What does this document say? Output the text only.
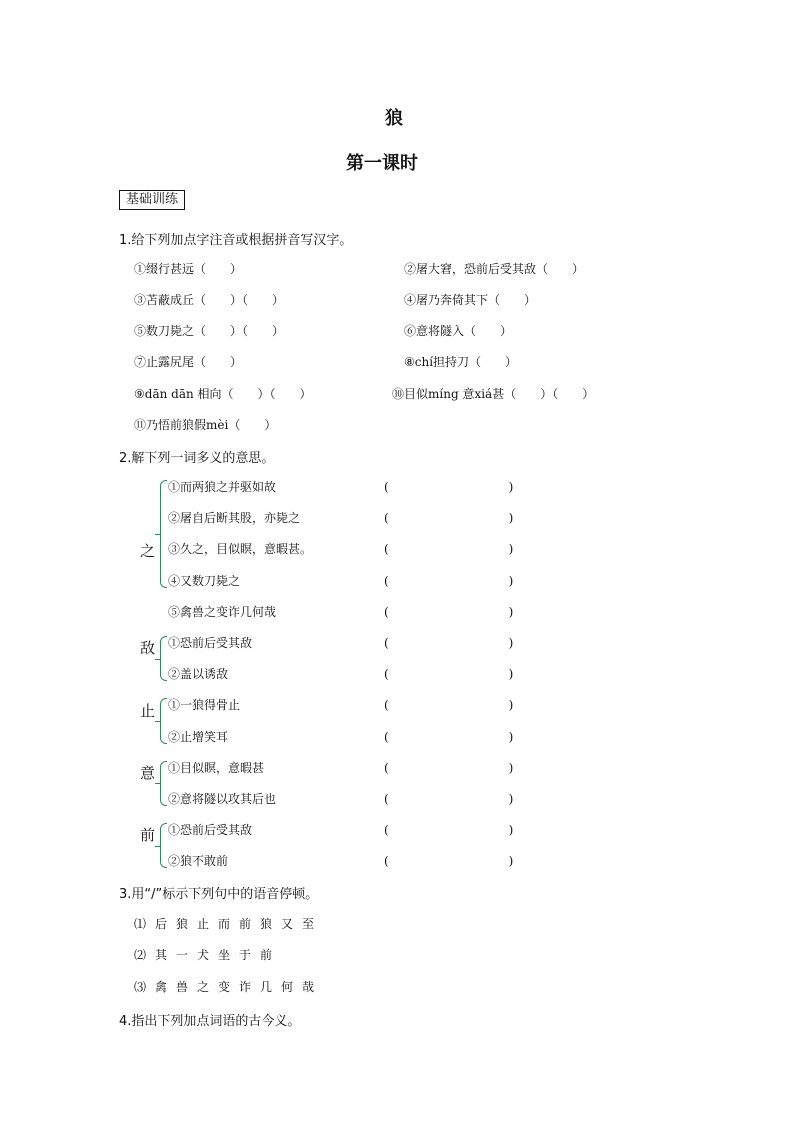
狼
第一课时
基础训练
1.给下列加点字注音或根据拼音写汉字。
①缀行甚远（　　）	②屠大窘，恐前后受其敌（　　）
③苫蔽成丘（　　）（　　）	④屠乃奔倚其下（　　）
⑤数刀毙之（　　）（　　）	⑥意将隧入（　　）
⑦止露尻尾（　　）	⑧chí担持刀（　　）
⑨dān dān 相向（　　）（　　）	⑩目似míng 意xiá甚（　　）（　　）
⑪乃悟前狼假mèi（　　）
2.解下列一词多义的意思。
①而两狼之并驱如故	(　　　　　　　　　　)
②屠自后断其股，亦毙之	(　　　　　　　　　　)
③久之，目似瞑，意暇甚。	(　　　　　　　　　　)
④又数刀毙之	(　　　　　　　　　　)
⑤禽兽之变诈几何哉	(　　　　　　　　　　)
之
①恐前后受其敌	(　　　　　　　　　　)
②盖以诱敌	(　　　　　　　　　　)
敌
①一狼得骨止	(　　　　　　　　　　)
②止增笑耳	(　　　　　　　　　　)
止
①目似瞑，意暇甚	(　　　　　　　　　　)
②意将隧以攻其后也	(　　　　　　　　　　)
意
①恐前后受其敌	(　　　　　　　　　　)
②狼不敢前	(　　　　　　　　　　)
前
3.用“/”标示下列句中的语音停顿。
⑴后狼止而前狼又至
⑵其一犬坐于前
⑶禽兽之变诈几何哉
4.指出下列加点词语的古今义。
